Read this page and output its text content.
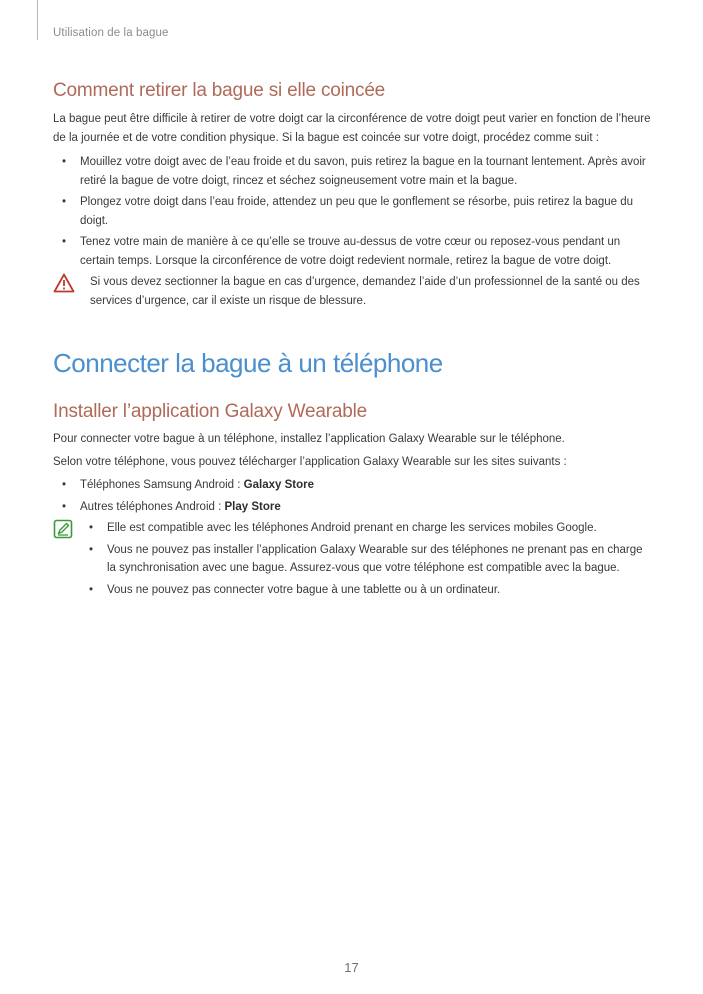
Utilisation de la bague
Comment retirer la bague si elle coincée

La bague peut être difficile à retirer de votre doigt car la circonférence de votre doigt peut varier en fonction de l’heure de la journée et de votre condition physique. Si la bague est coincée sur votre doigt, procédez comme suit :

• Mouillez votre doigt avec de l’eau froide et du savon, puis retirez la bague en la tournant lentement. Après avoir retiré la bague de votre doigt, rincez et séchez soigneusement votre main et la bague.
• Plongez votre doigt dans l’eau froide, attendez un peu que le gonflement se résorbe, puis retirez la bague du doigt.
• Tenez votre main de manière à ce qu’elle se trouve au-dessus de votre cœur ou reposez-vous pendant un certain temps. Lorsque la circonférence de votre doigt redevient normale, retirez la bague de votre doigt.

Si vous devez sectionner la bague en cas d’urgence, demandez l’aide d’un professionnel de la santé ou des services d’urgence, car il existe un risque de blessure.

Connecter la bague à un téléphone
Installer l’application Galaxy Wearable

Pour connecter votre bague à un téléphone, installez l’application Galaxy Wearable sur le téléphone.

Selon votre téléphone, vous pouvez télécharger l’application Galaxy Wearable sur les sites suivants :

• Téléphones Samsung Android : Galaxy Store
• Autres téléphones Android : Play Store
• Elle est compatible avec les téléphones Android prenant en charge les services mobiles Google.
• Vous ne pouvez pas installer l’application Galaxy Wearable sur des téléphones ne prenant pas en charge la synchronisation avec une bague. Assurez-vous que votre téléphone est compatible avec la bague.
• Vous ne pouvez pas connecter votre bague à une tablette ou à un ordinateur.
17
